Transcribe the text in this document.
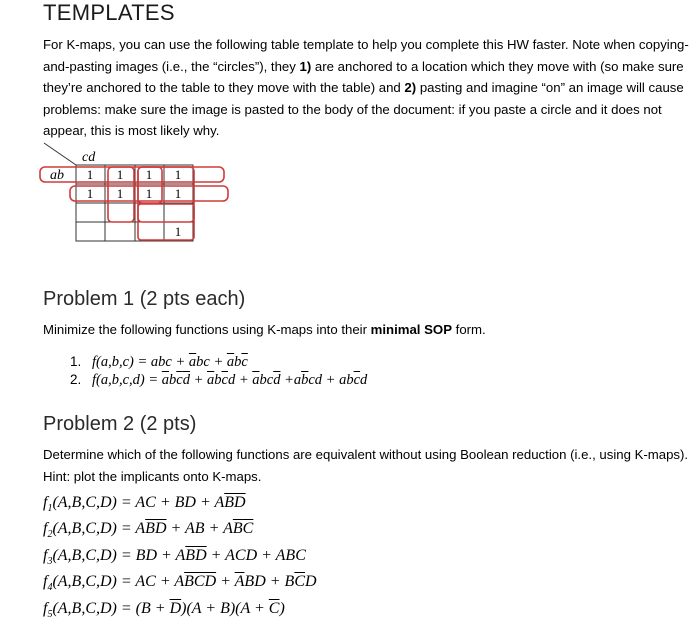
TEMPLATES
For K-maps, you can use the following table template to help you complete this HW faster. Note when copying-and-pasting images (i.e., the “circles”), they 1) are anchored to a location which they move with (so make sure they’re anchored to the table to they move with the table) and 2) pasting and imagine “on” an image will cause problems: make sure the image is pasted to the body of the document: if you paste a circle and it does not appear, this is most likely why.
cd
ab 1 1 1 1
1 1 1 1
1
Problem 1 (2 pts each)
Minimize the following functions using K-maps into their minimal SOP form.
1. f(a,b,c) = abc + $\overline{a}bc + \overline{a}b\overline{c}$
2. $f(a,b,c,d) = \overline{a}b\overline{c}\overline{d} + \overline{a}b\overline{c}d + \overline{a}bc\overline{d} +a\overline{b}cd + ab\overline{c}d$
Problem 2 (2 pts)
Determine which of the following functions are equivalent without using Boolean reduction (i.e., using K-maps). Hint: plot the implicants onto K-maps.
$f_1(A,B,C,D)$ = AC + BD + $A\overline{B}\overline{D}$
$f_2(A,B,C,D) = A\overline{B}\overline{D}$ + AB + $A\overline{B}\overline{C}$
$f_3(A,B,C,D)$ = BD + $A\overline{B}\overline{D}$ + ACD + ABC
$f_4(A,B,C,D)$ = AC + $A\overline{BCD} + \overline{A}BD + B\overline{C}D$
$f_5(A,B,C,D) = (B + \overline{D})(A + B)(A + \overline{C})$
